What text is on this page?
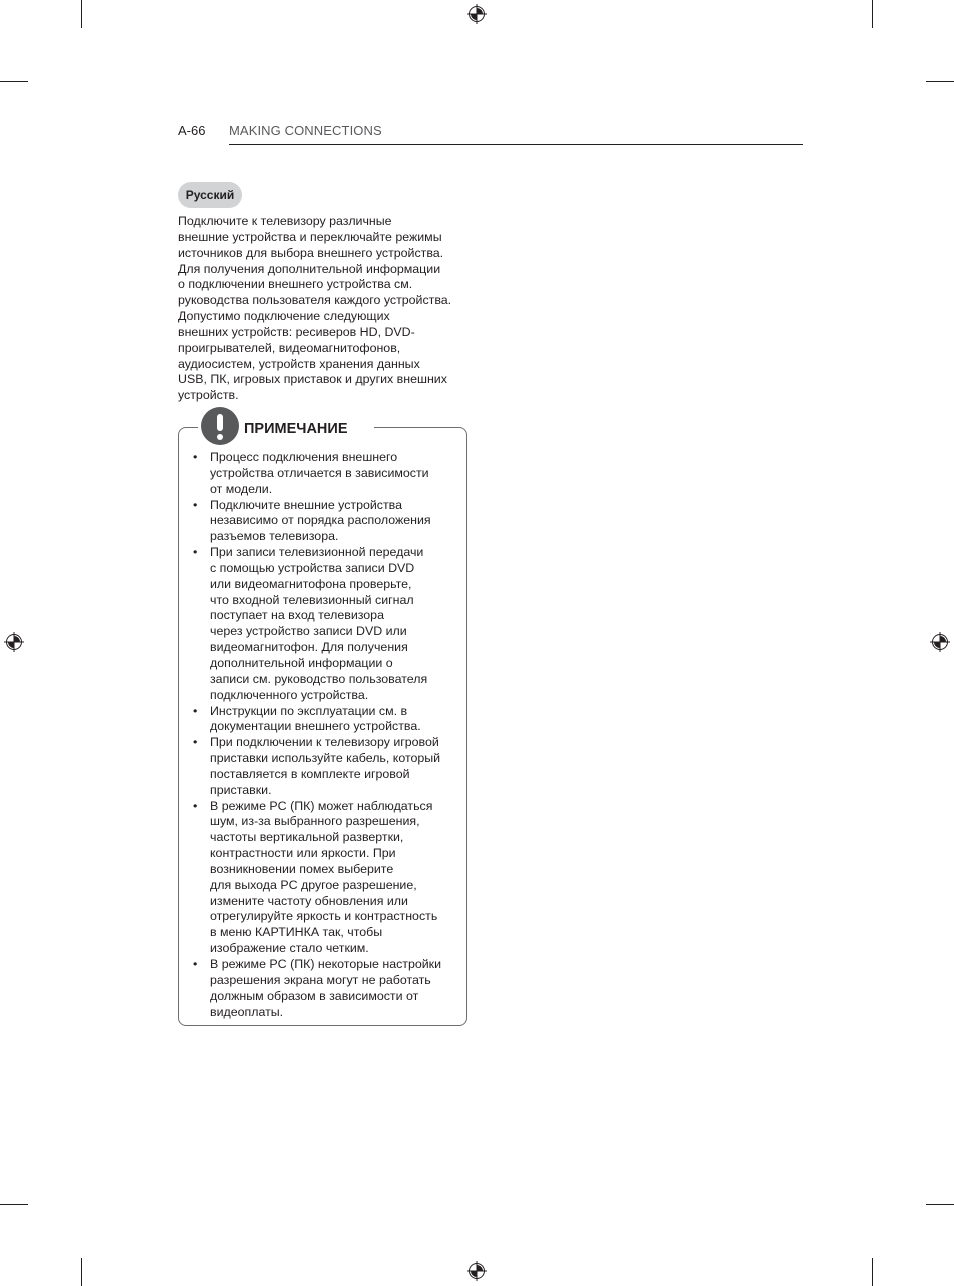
A-66 MAKING CONNECTIONS
Русский
Подключите к телевизору различные
внешние устройства и переключайте режимы
источников для выбора внешнего устройства.
Для получения дополнительной информации
о подключении внешнего устройства см.
руководства пользователя каждого устройства.
Допустимо подключение следующих
внешних устройств: ресиверов HD, DVD-
проигрывателей, видеомагнитофонов,
аудиосистем, устройств хранения данных
USB, ПК, игровых приставок и других внешних
устройств.
ПРИМЕЧАНИЕ
• Процесс подключения внешнего
устройства отличается в зависимости
от модели.
• Подключите внешние устройства
независимо от порядка расположения
разъемов телевизора.
• При записи телевизионной передачи
с помощью устройства записи DVD
или видеомагнитофона проверьте,
что входной телевизионный сигнал
поступает на вход телевизора
через устройство записи DVD или
видеомагнитофон. Для получения
дополнительной информации о
записи см. руководство пользователя
подключенного устройства.
• Инструкции по эксплуатации см. в
документации внешнего устройства.
• При подключении к телевизору игровой
приставки используйте кабель, который
поставляется в комплекте игровой
приставки.
• В режиме PC (ПК) может наблюдаться
шум, из-за выбранного разрешения,
частоты вертикальной развертки,
контрастности или яркости. При
возникновении помех выберите
для выхода PC другое разрешение,
измените частоту обновления или
отрегулируйте яркость и контрастность
в меню КАРТИНКА так, чтобы
изображение стало четким.
• В режиме PC (ПК) некоторые настройки
разрешения экрана могут не работать
должным образом в зависимости от
видеоплаты.
